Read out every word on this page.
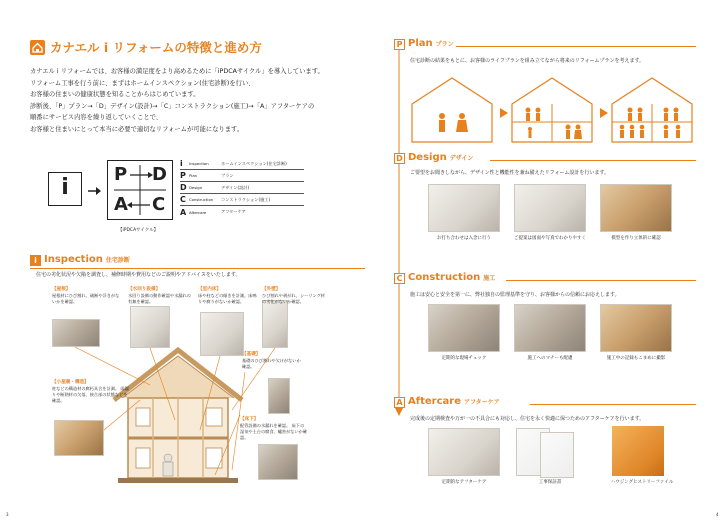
カナエル i リフォームの特徴と進め方
カナエル i リフォームでは、お客様の満足度をより高めるために「iPDCAサイクル」を導入しています。
リフォーム工事を行う前に、まずはホームインスペクション(住宅診断)を行い、
お客様の住まいの健康状態を知ることからはじめています。
診断後、「P」プラン→「D」デザイン(設計)→「C」コンストラクション(施工)→「A」アフターケアの
順番にサービス内容を繰り返していくことで、
お客様と住まいにとって本当に必要で適切なリフォームが可能になります。
i
P D
A C
【iPDCAサイクル】
i	Inspection	ホームインスペクション(住宅診断)
P Plan	プラン
D Design	デザイン(設計)
C Construction	コンストラクション(施工)
A Aftercare	アフターケア
i Inspection 住宅診断
住宅の劣化状況や欠陥を調査し、補修時期や費用などのご説明やアドバイスをいたします。
【屋根】
屋根材にひび割れ、破断や浮きがないかを確認。
【水回り設備】
水回り設備の動作確認や水漏れの有無を確認。
【室内床】
床や柱などの傾きを計測。床鳴りや腐りがないか確認。
【外壁】
ひび割れや剥がれ、シーリング材の劣化がないか確認。
【基礎】
基礎のひび割れや欠けがないか確認。
【小屋裏・構造】
柱などの構造材の腐朽具合を計測。 雨漏りや断熱材の欠落、接合部の状態などを確認。
【床下】
配管設備の水漏れを確認。 床下の湿気や土台の腐食、蟻害がないか確認。
3
P Plan プラン
住宅診断の結果をもとに、お客様のライフプランを組み立てながら将来のリフォームプランを考えます。
D Design デザイン
ご要望をお聞きしながら、デザイン性と機能性を兼ね備えたリフォーム設計を行います。
お打ち合わせは入念に行う	ご提案は図面や写真でわかりやすく	模型を作り立体的に確認
C Construction 施工
施工は安心と安全を第一に、弊社独自の監理基準を守り、お客様からの信頼にお応えします。
定期的な現場チェック	施工ヘのマナーも配慮	施工中の記録もこまめに撮影
A Aftercare アフターケア
完成後の定期検査や万が一の不具合にも対応し、住宅を永く快適に保つためのアフターケアを行います。
定期的なアフターケア	工事保証書	ハウジングヒストリーファイル
4
